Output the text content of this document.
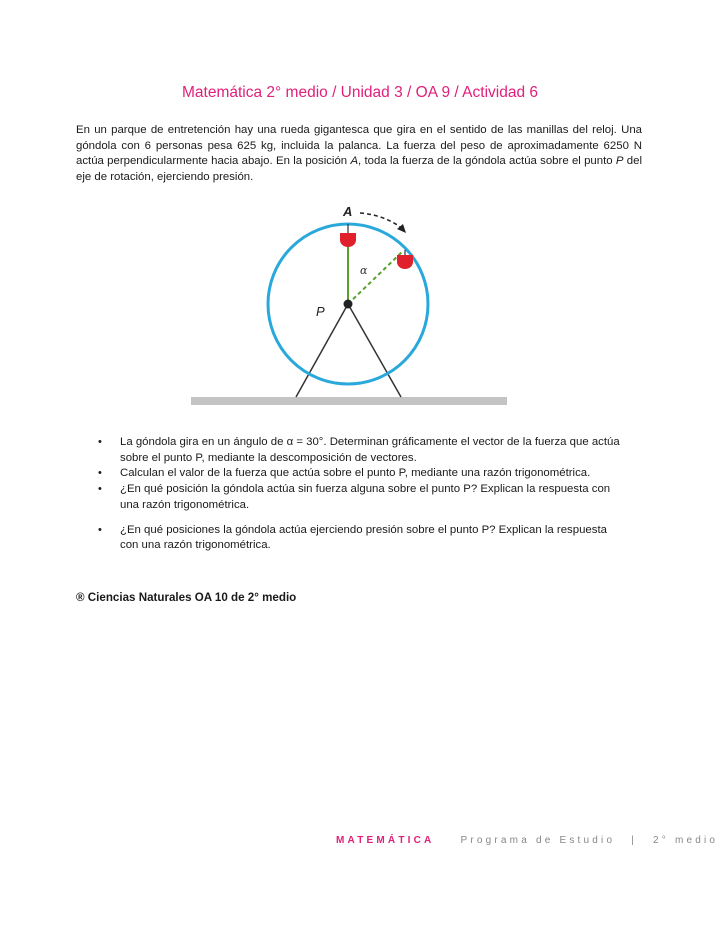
Matemática 2° medio / Unidad 3 / OA 9 / Actividad 6

En un parque de entretención hay una rueda gigantesca que gira en el sentido de las manillas del reloj. Una góndola con 6 personas pesa 625 kg, incluida la palanca. La fuerza del peso de aproximadamente 6250 N actúa perpendicularmente hacia abajo. En la posición A, toda la fuerza de la góndola actúa sobre el punto P del eje de rotación, ejerciendo presión.

A
P
α
• La góndola gira en un ángulo de α = 30°. Determinan gráficamente el vector de la fuerza que actúa sobre el punto P, mediante la descomposición de vectores.
• Calculan el valor de la fuerza que actúa sobre el punto P, mediante una razón trigonométrica.
• ¿En qué posición la góndola actúa sin fuerza alguna sobre el punto P? Explican la respuesta con una razón trigonométrica.
• ¿En qué posiciones la góndola actúa ejerciendo presión sobre el punto P? Explican la respuesta con una razón trigonométrica.
® Ciencias Naturales OA 10 de 2° medio
MATEMÁTICA	Programa de Estudio | 2° medio
